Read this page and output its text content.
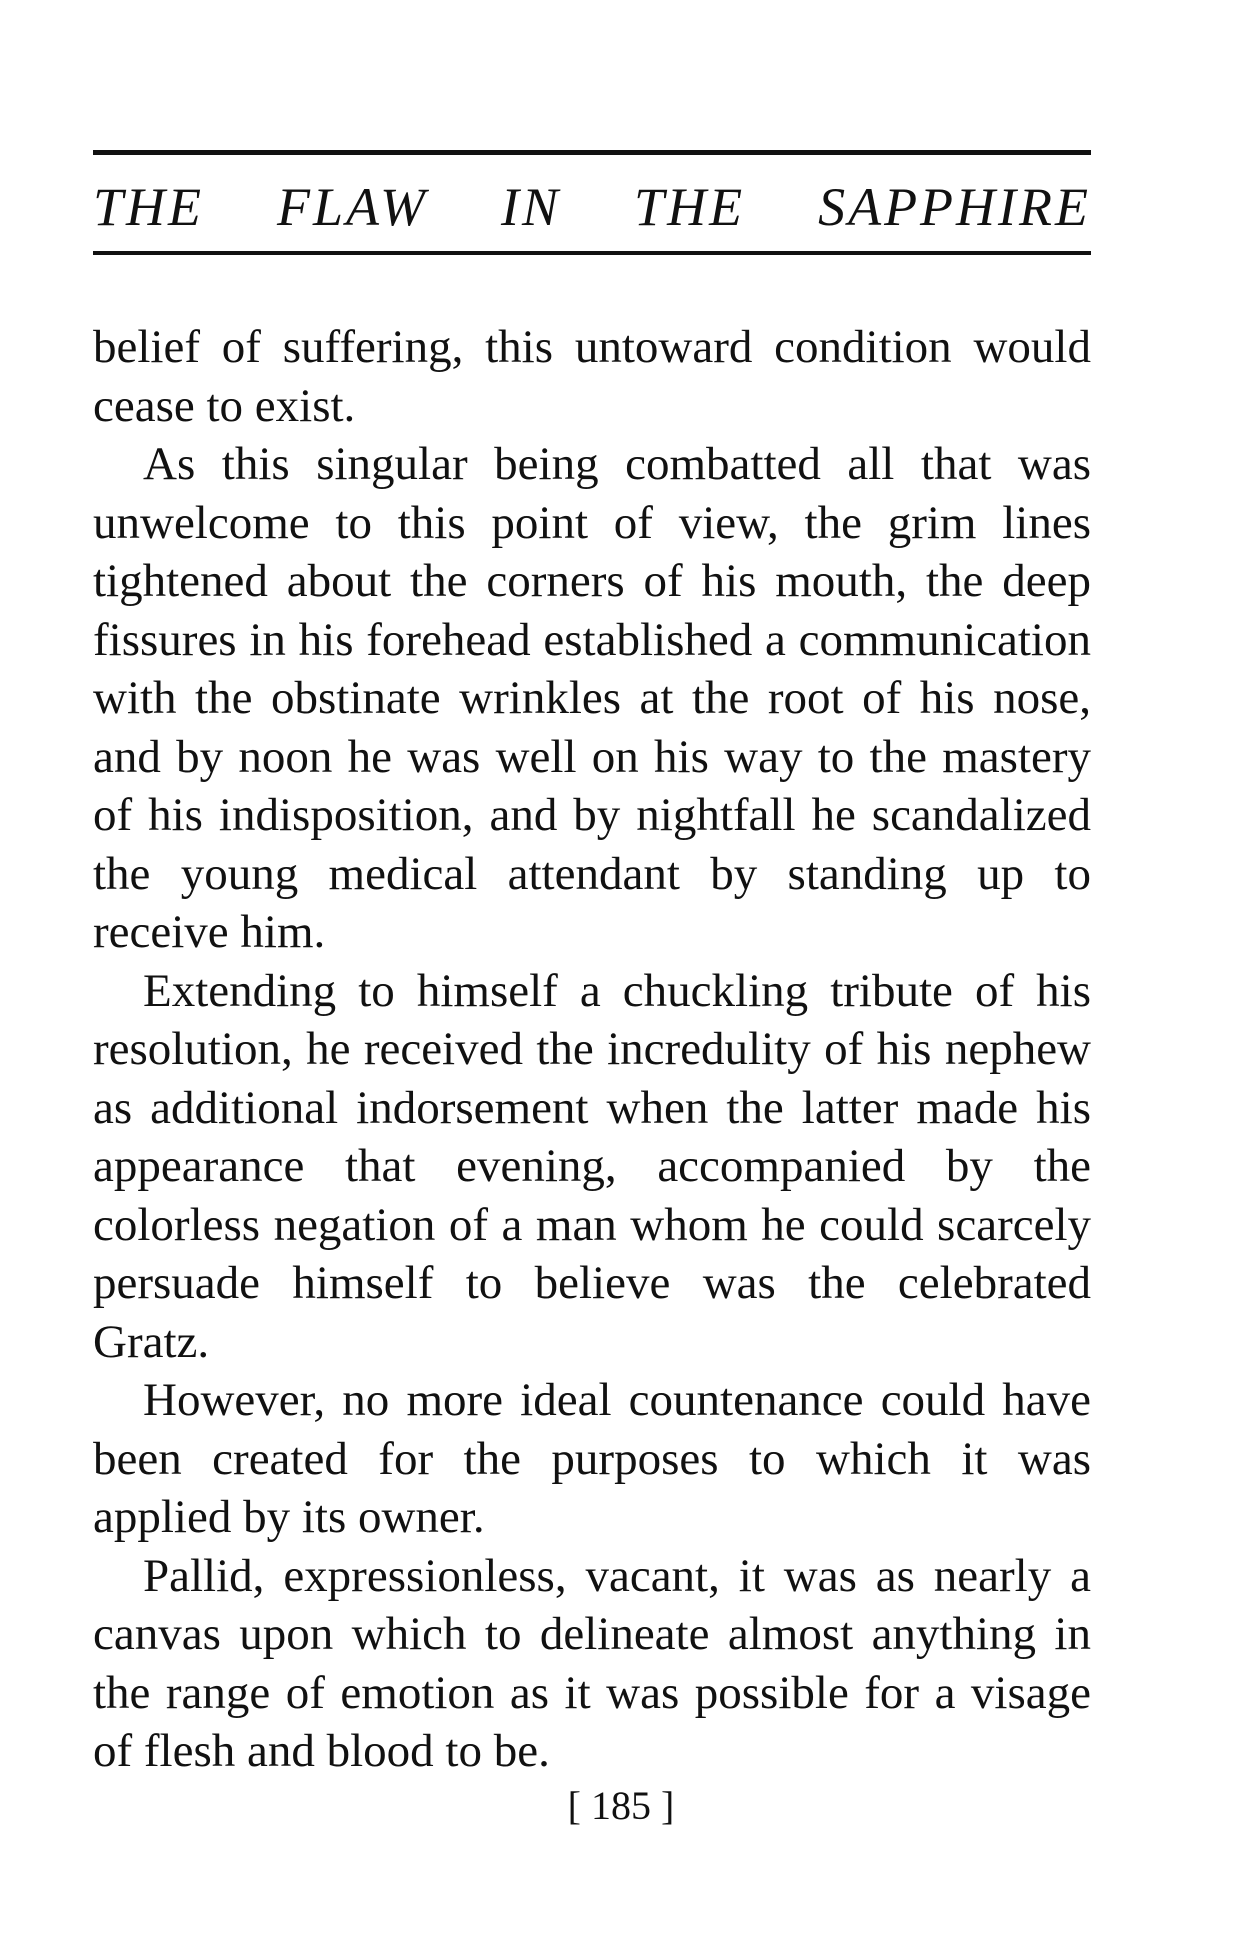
THE FLAW IN THE SAPPHIRE

belief of suffering, this untoward condition would cease to exist.

As this singular being combatted all that was unwelcome to this point of view, the grim lines tightened about the corners of his mouth, the deep fissures in his forehead established a communication with the obstinate wrinkles at the root of his nose, and by noon he was well on his way to the mastery of his indisposition, and by nightfall he scandalized the young medical attendant by standing up to receive him.

Extending to himself a chuckling tribute of his resolution, he received the incredulity of his nephew as additional indorsement when the latter made his appearance that evening, accompanied by the colorless negation of a man whom he could scarcely persuade himself to believe was the celebrated Gratz.

However, no more ideal countenance could have been created for the purposes to which it was applied by its owner.

Pallid, expressionless, vacant, it was as nearly a canvas upon which to delineate almost anything in the range of emotion as it was possible for a visage of flesh and blood to be.

[ 185 ]
